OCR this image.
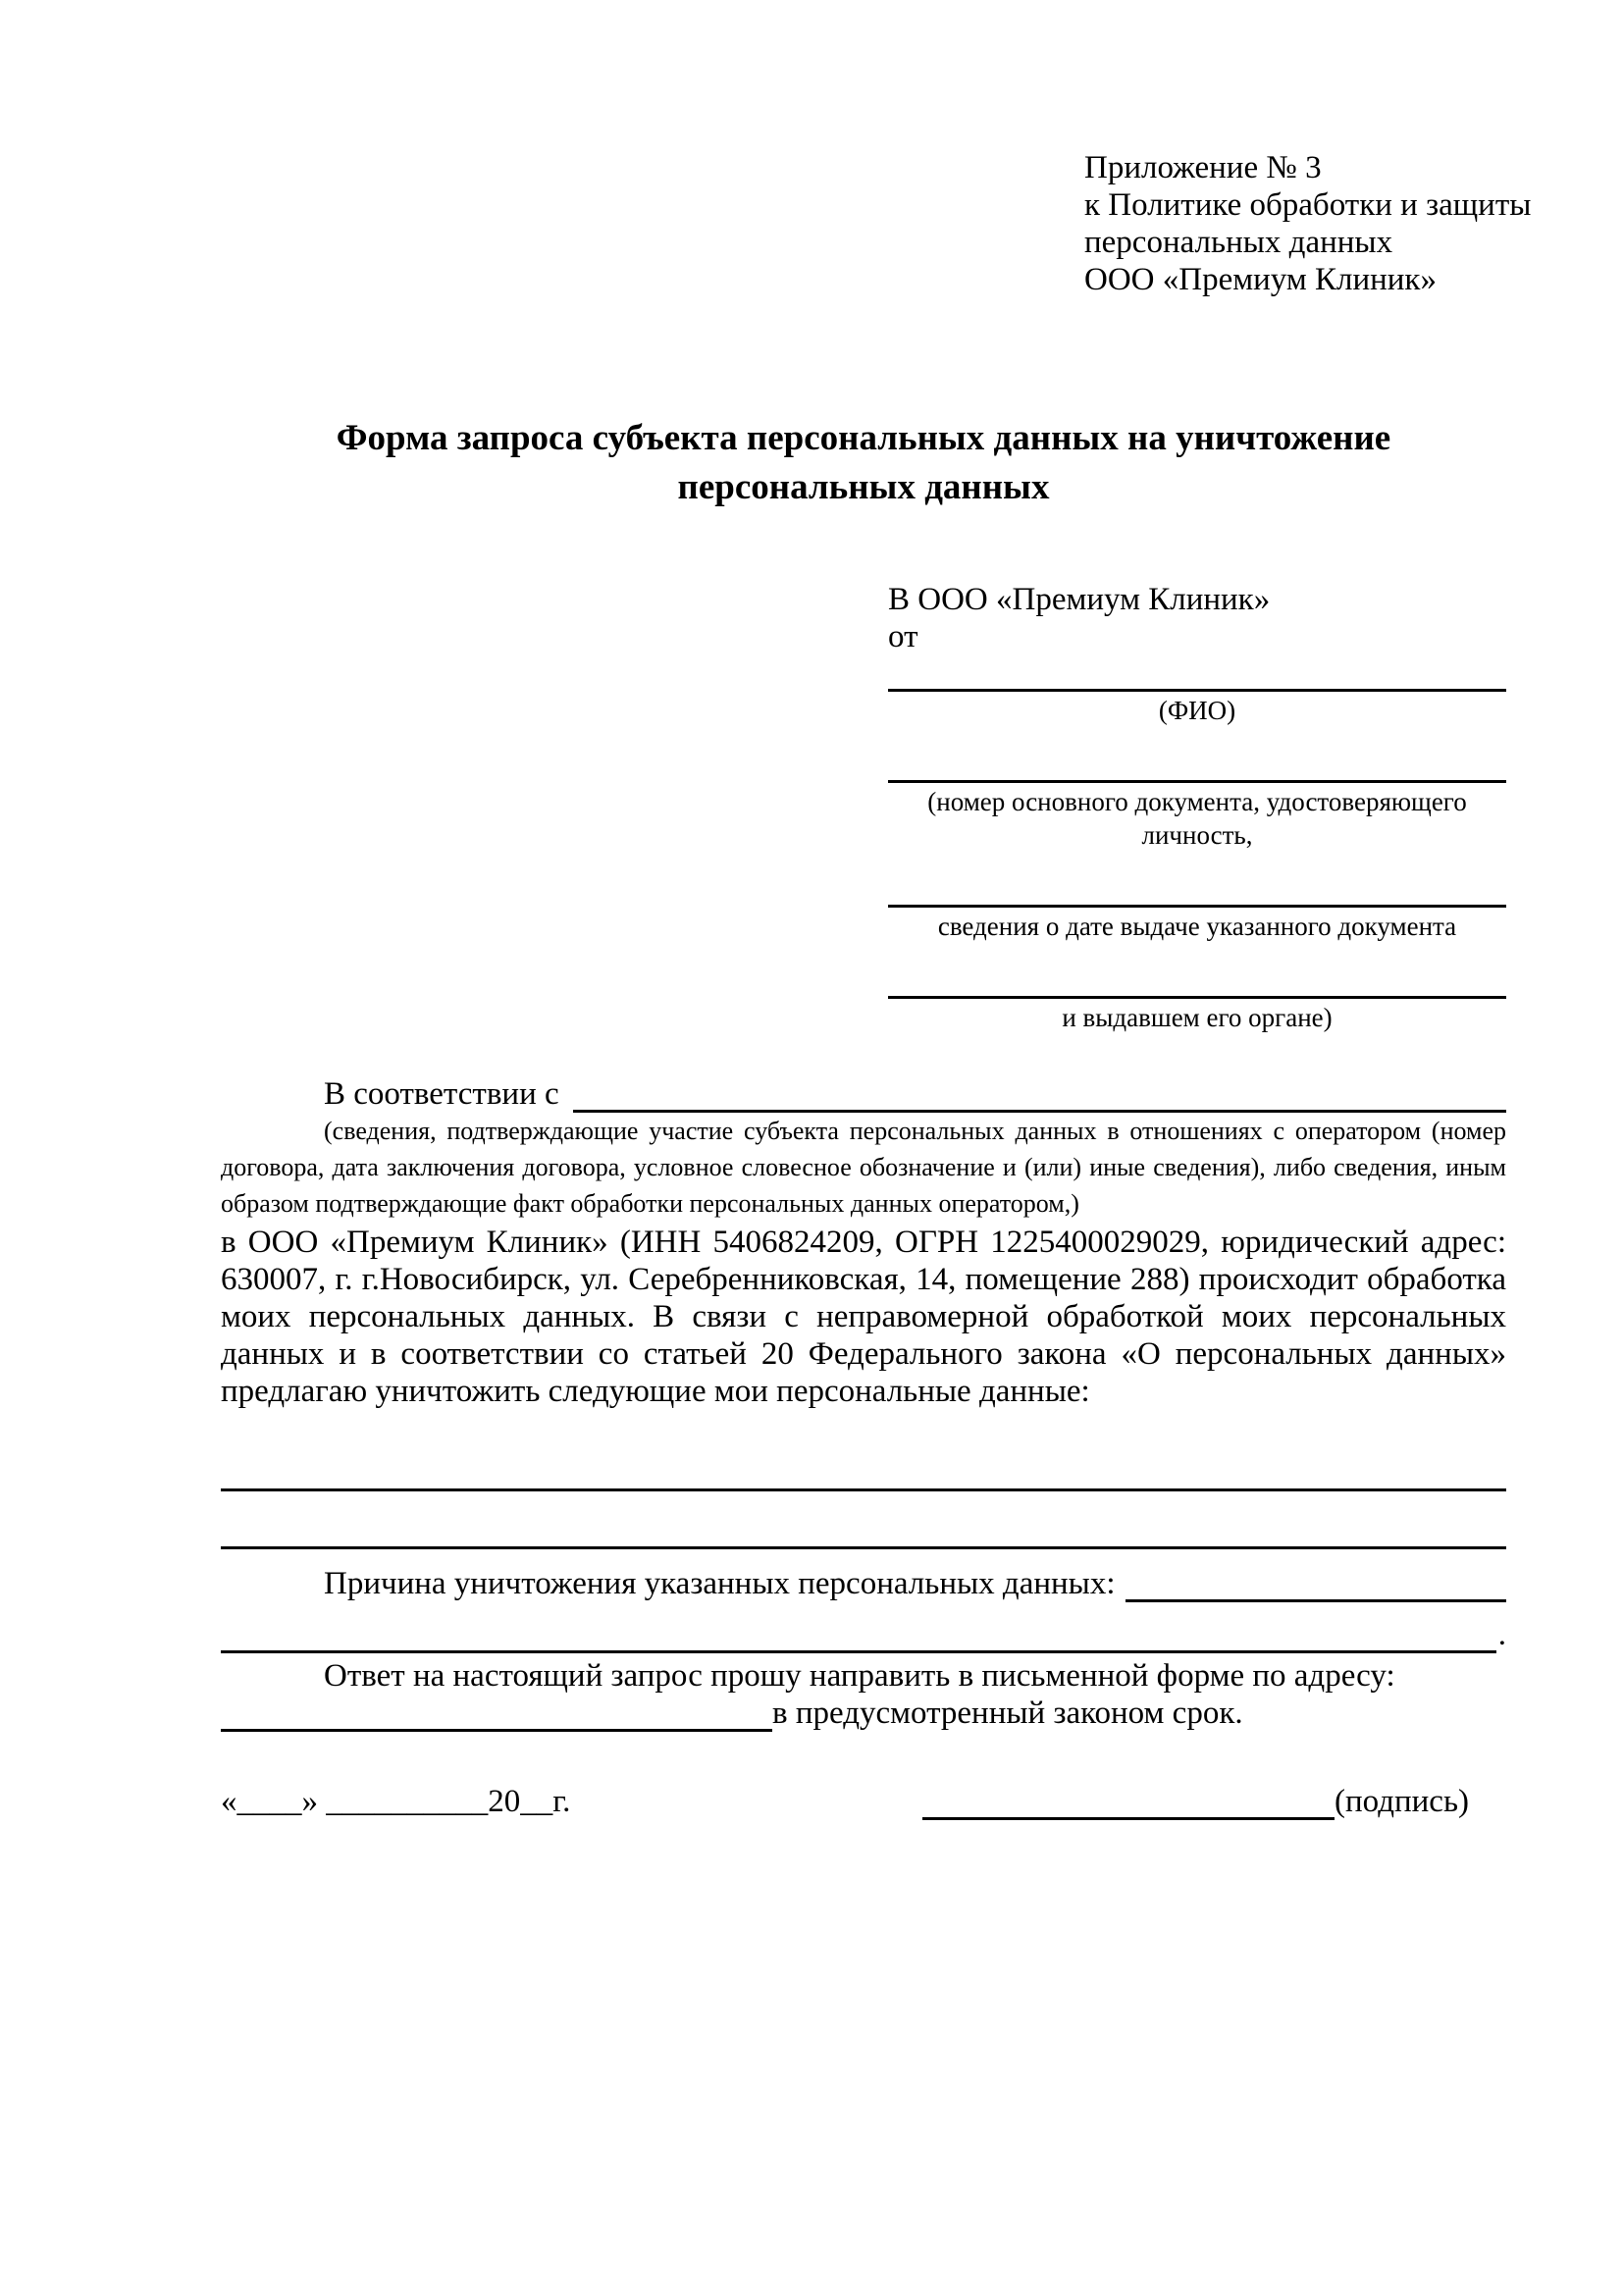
Приложение № 3
к Политике обработки и защиты
персональных данных
ООО «Премиум Клиник»
Форма запроса субъекта персональных данных на уничтожение персональных данных
В ООО «Премиум Клиник»
от
(ФИО)
(номер основного документа, удостоверяющего личность,
сведения о дате выдаче указанного документа
и выдавшем его органе)
В соответствии с
(сведения, подтверждающие участие субъекта персональных данных в отношениях с оператором (номер договора, дата заключения договора, условное словесное обозначение и (или) иные сведения), либо сведения, иным образом подтверждающие факт обработки персональных данных оператором,)
в ООО «Премиум Клиник» (ИНН 5406824209, ОГРН 1225400029029, юридический адрес: 630007, г. г.Новосибирск, ул. Серебренниковская, 14, помещение 288) происходит обработка моих персональных данных. В связи с неправомерной обработкой моих персональных данных и в соответствии со статьей 20 Федерального закона «О персональных данных» предлагаю уничтожить следующие мои персональные данные:
Причина уничтожения указанных персональных данных:
.
Ответ на настоящий запрос прошу направить в письменной форме по адресу:
в предусмотренный законом срок.
«____» __________20__г.	(подпись)
